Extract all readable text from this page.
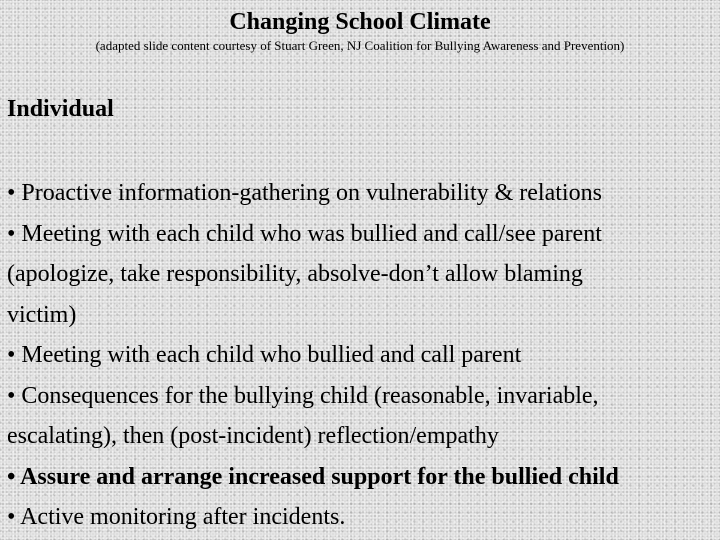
Changing School Climate
(adapted slide content courtesy of Stuart Green, NJ Coalition for Bullying Awareness and Prevention)
Individual

• Proactive information-gathering on vulnerability & relations

• Meeting with each child who was bullied and call/see parent

(apologize, take responsibility, absolve-don’t allow blaming

victim)

• Meeting with each child who bullied and call parent

• Consequences for the bullying child (reasonable, invariable,

escalating), then (post-incident) reflection/empathy

• Assure and arrange increased support for the bullied child

• Active monitoring after incidents.
